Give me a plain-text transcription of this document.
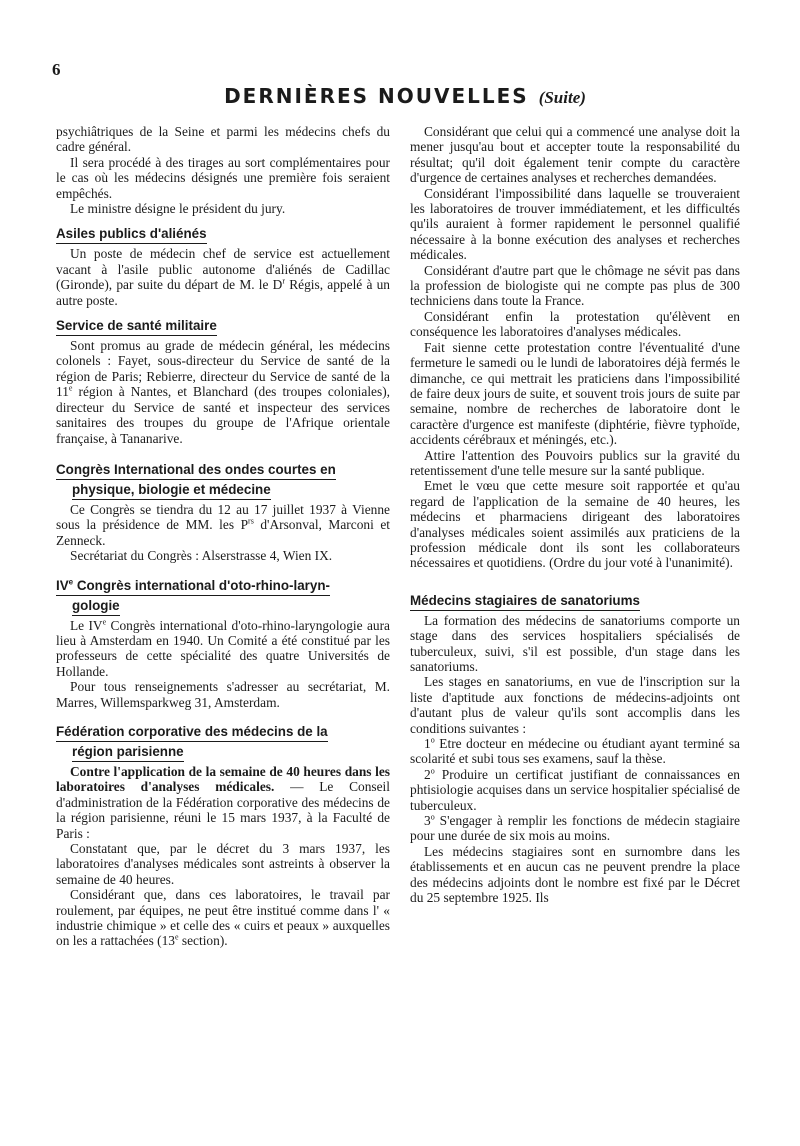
6
DERNIÈRES NOUVELLES (Suite)

psychiâtriques de la Seine et parmi les médecins chefs du cadre général.

Il sera procédé à des tirages au sort complémentaires pour le cas où les médecins désignés une première fois seraient empêchés.

Le ministre désigne le président du jury.

Asiles publics d'aliénés

Un poste de médecin chef de service est actuellement vacant à l'asile public autonome d'aliénés de Cadillac (Gironde), par suite du départ de M. le $D^r$ Régis, appelé à un autre poste.

Service de santé militaire

Sont promus au grade de médecin général, les médecins colonels : Fayet, sous-directeur du Service de santé de la région de Paris; Rebierre, directeur du Service de santé de la 11e région à Nantes, et Blanchard (des troupes coloniales), directeur du Service de santé et inspecteur des services sanitaires des troupes du groupe de l'Afrique orientale française, à Tananarive.

Congrès International des ondes courtes en
physique, biologie et médecine

Ce Congrès se tiendra du 12 au 17 juillet 1937 à Vienne sous la présidence de MM. les $P^{rs}$ d'Arsonval, Marconi et Zenneck.

Secrétariat du Congrès : Alserstrasse 4, Wien IX.

IVe Congrès international d'oto-rhino-laryn-
gologie

Le IVe Congrès international d'oto-rhino-laryngologie aura lieu à Amsterdam en 1940. Un Comité a été constitué par les professeurs de cette spécialité des quatre Universités de Hollande.

Pour tous renseignements s'adresser au secrétariat, M. Marres, Willemsparkweg 31, Amsterdam.

Fédération corporative des médecins de la
région parisienne

Contre l'application de la semaine de 40 heures dans les laboratoires d'analyses médicales. — Le Conseil d'administration de la Fédération corporative des médecins de la région parisienne, réuni le 15 mars 1937, à la Faculté de Paris :

Constatant que, par le décret du 3 mars 1937, les laboratoires d'analyses médicales sont astreints à observer la semaine de 40 heures.

Considérant que, dans ces laboratoires, le travail par roulement, par équipes, ne peut être institué comme dans l' « industrie chimique » et celle des « cuirs et peaux » auxquelles on les a rattachées (13e section).

Considérant que celui qui a commencé une analyse doit la mener jusqu'au bout et accepter toute la responsabilité du résultat; qu'il doit également tenir compte du caractère d'urgence de certaines analyses et recherches demandées.

Considérant l'impossibilité dans laquelle se trouveraient les laboratoires de trouver immédiatement, et les difficultés qu'ils auraient à former rapidement le personnel qualifié nécessaire à la bonne exécution des analyses et recherches médicales.

Considérant d'autre part que le chômage ne sévit pas dans la profession de biologiste qui ne compte pas plus de 300 techniciens dans toute la France.

Considérant enfin la protestation qu'élèvent en conséquence les laboratoires d'analyses médicales.

Fait sienne cette protestation contre l'éventualité d'une fermeture le samedi ou le lundi de laboratoires déjà fermés le dimanche, ce qui mettrait les praticiens dans l'impossibilité de faire deux jours de suite, et souvent trois jours de suite par semaine, nombre de recherches de laboratoire dont le caractère d'urgence est manifeste (diphtérie, fièvre typhoïde, accidents cérébraux et méningés, etc.).

Attire l'attention des Pouvoirs publics sur la gravité du retentissement d'une telle mesure sur la santé publique.

Emet le vœu que cette mesure soit rapportée et qu'au regard de l'application de la semaine de 40 heures, les médecins et pharmaciens dirigeant des laboratoires d'analyses médicales soient assimilés aux praticiens de la profession médicale dont ils sont les collaborateurs nécessaires et quotidiens. (Ordre du jour voté à l'unanimité).

Médecins stagiaires de sanatoriums

La formation des médecins de sanatoriums comporte un stage dans des services hospitaliers spécialisés de tuberculeux, suivi, s'il est possible, d'un stage dans les sanatoriums.

Les stages en sanatoriums, en vue de l'inscription sur la liste d'aptitude aux fonctions de médecins-adjoints ont d'autant plus de valeur qu'ils sont accomplis dans les conditions suivantes :

1$^o$ Etre docteur en médecine ou étudiant ayant terminé sa scolarité et subi tous ses examens, sauf la thèse.

2$^o$ Produire un certificat justifiant de connaissances en phtisiologie acquises dans un service hospitalier spécialisé de tuberculeux.

3$^o$ S'engager à remplir les fonctions de médecin stagiaire pour une durée de six mois au moins.

Les médecins stagiaires sont en surnombre dans les établissements et en aucun cas ne peuvent prendre la place des médecins adjoints dont le nombre est fixé par le Décret du 25 septembre 1925. Ils
